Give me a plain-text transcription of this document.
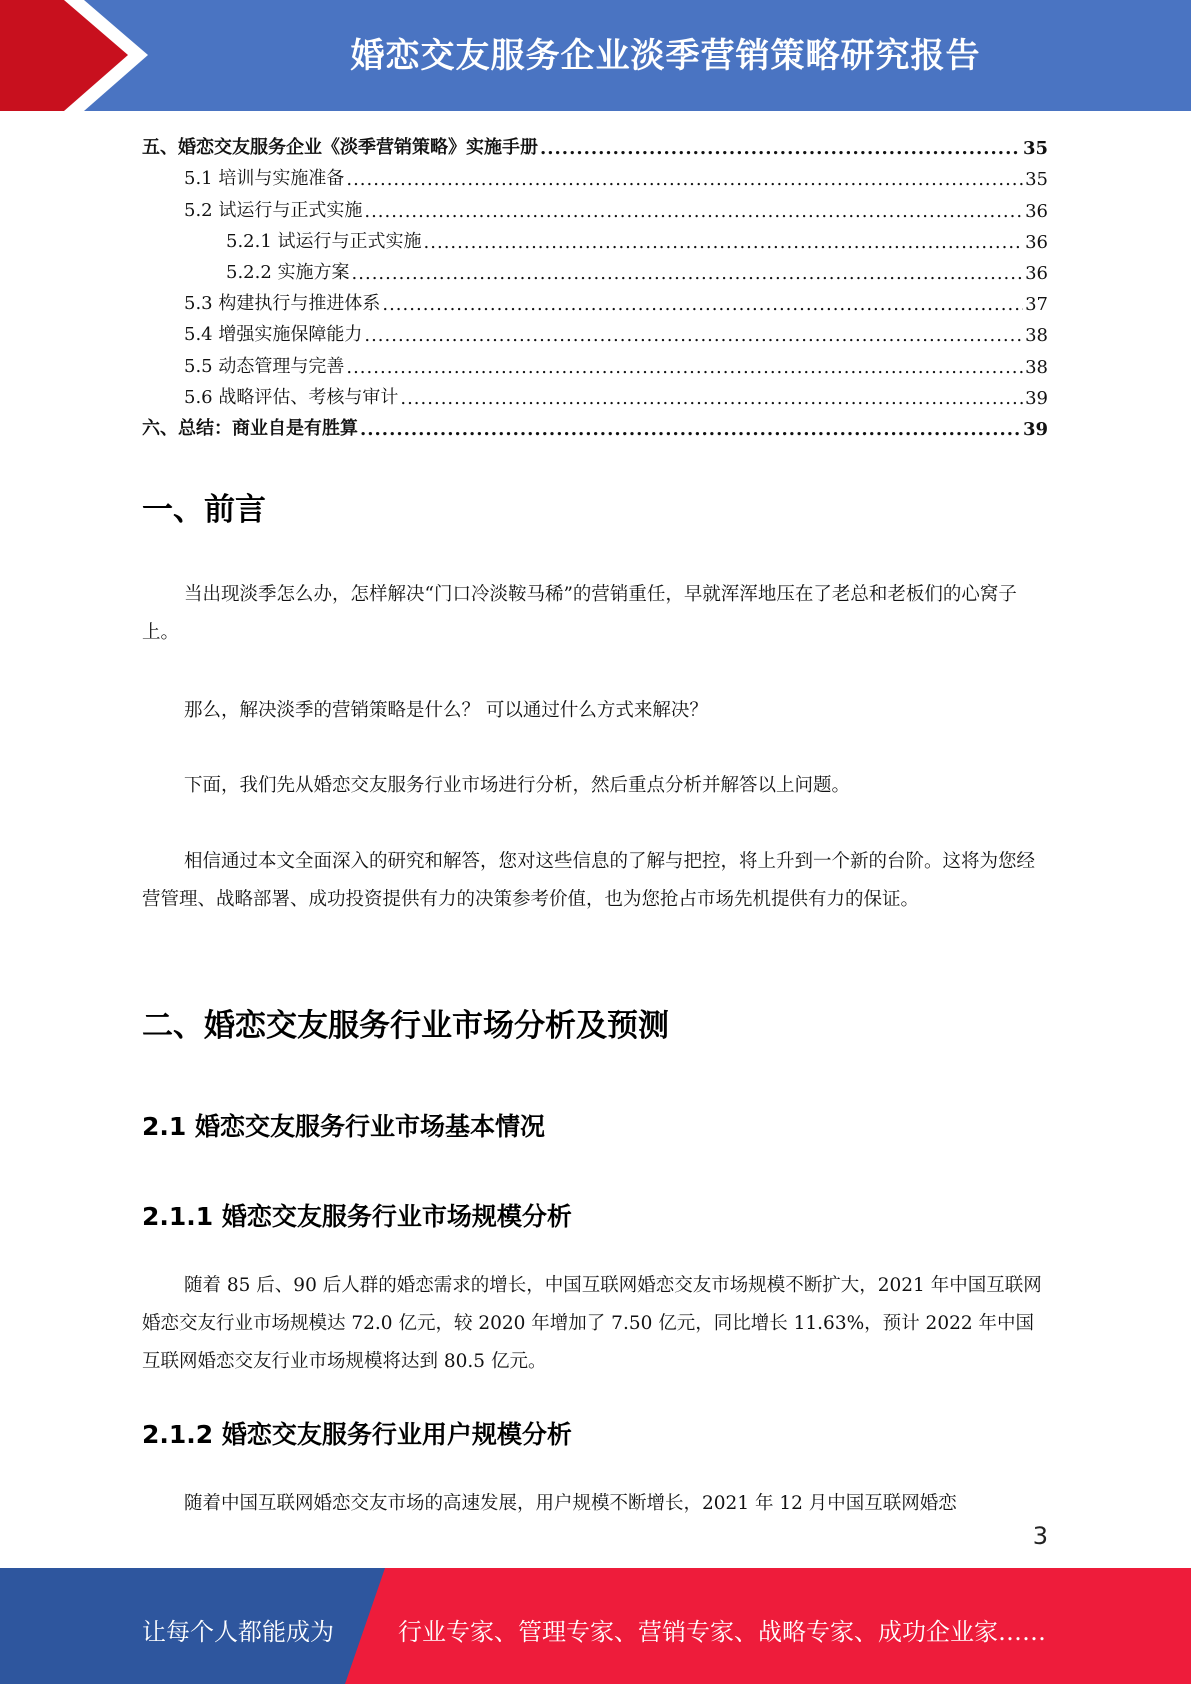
婚恋交友服务企业淡季营销策略研究报告
五、婚恋交友服务企业《淡季营销策略》实施手册 .....	35
5.1 培训与实施准备 .....	35
5.2 试运行与正式实施 .....	36
5.2.1 试运行与正式实施 .....	36
5.2.2 实施方案 .....	36
5.3 构建执行与推进体系 .....	37
5.4 增强实施保障能力 .....	38
5.5 动态管理与完善 .....	38
5.6 战略评估、考核与审计 .....	39
六、总结：商业自是有胜算 .....	39
一、前言

当出现淡季怎么办，怎样解决“门口冷淡鞍马稀”的营销重任，早就浑浑地压在了老总和老板们的心窝子上。

那么，解决淡季的营销策略是什么？ 可以通过什么方式来解决？

下面，我们先从婚恋交友服务行业市场进行分析，然后重点分析并解答以上问题。

相信通过本文全面深入的研究和解答，您对这些信息的了解与把控，将上升到一个新的台阶。这将为您经营管理、战略部署、成功投资提供有力的决策参考价值，也为您抢占市场先机提供有力的保证。

二、婚恋交友服务行业市场分析及预测
2.1 婚恋交友服务行业市场基本情况
2.1.1 婚恋交友服务行业市场规模分析

随着 85 后、90 后人群的婚恋需求的增长，中国互联网婚恋交友市场规模不断扩大，2021 年中国互联网婚恋交友行业市场规模达 72.0 亿元，较 2020 年增加了 7.50 亿元，同比增长 11.63%，预计 2022 年中国互联网婚恋交友行业市场规模将达到 80.5 亿元。

2.1.2 婚恋交友服务行业用户规模分析

随着中国互联网婚恋交友市场的高速发展，用户规模不断增长，2021 年 12 月中国互联网婚恋

3
让每个人都能成为	行业专家、管理专家、营销专家、战略专家、成功企业家……
